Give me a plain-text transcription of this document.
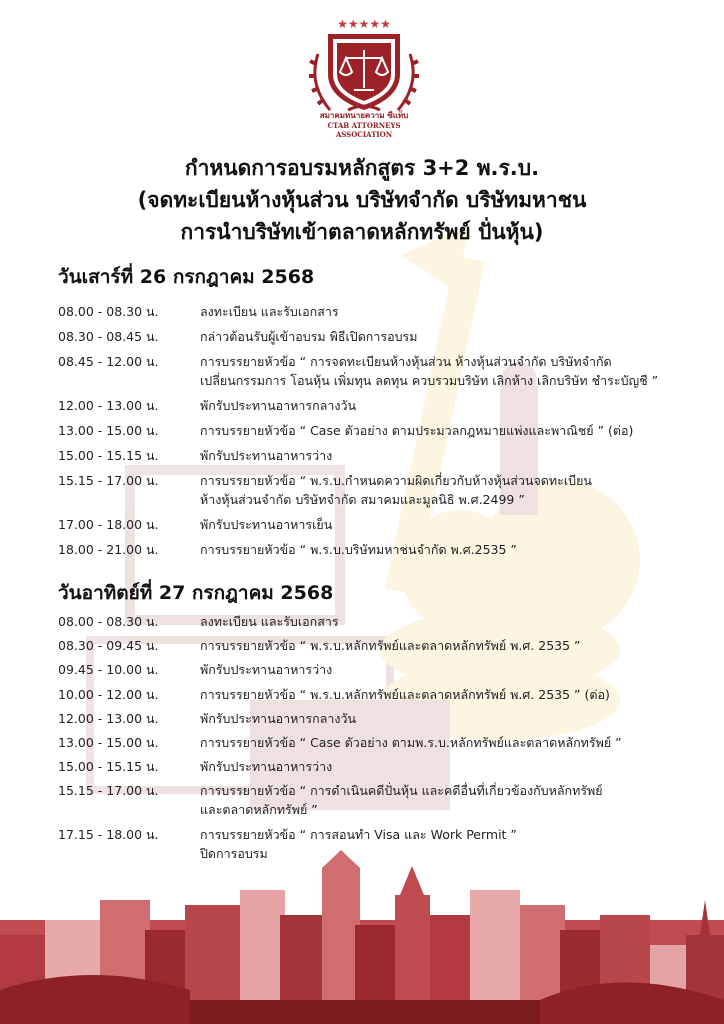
★★★★★
สมาคมทนายความ ซีแท็บ
CTAB ATTORNEYS ASSOCIATION
กำหนดการอบรมหลักสูตร 3+2 พ.ร.บ.
(จดทะเบียนห้างหุ้นส่วน บริษัทจำกัด บริษัทมหาชน
การนำบริษัทเข้าตลาดหลักทรัพย์ ปั่นหุ้น)
วันเสาร์ที่ 26 กรกฎาคม 2568
08.00 - 08.30 น.	ลงทะเบียน และรับเอกสาร
08.30 - 08.45 น.	กล่าวต้อนรับผู้เข้าอบรม พิธีเปิดการอบรม
08.45 - 12.00 น.	การบรรยายหัวข้อ “ การจดทะเบียนห้างหุ้นส่วน ห้างหุ้นส่วนจำกัด บริษัทจำกัด
เปลี่ยนกรรมการ โอนหุ้น เพิ่มทุน ลดทุน ควบรวมบริษัท เลิกห้าง เลิกบริษัท ชำระบัญชี ”
12.00 - 13.00 น.	พักรับประทานอาหารกลางวัน
13.00 - 15.00 น.	การบรรยายหัวข้อ “ Case ตัวอย่าง ตามประมวลกฎหมายแพ่งและพาณิชย์ ” (ต่อ)
15.00 - 15.15 น.	พักรับประทานอาหารว่าง
15.15 - 17.00 น.	การบรรยายหัวข้อ “ พ.ร.บ.กำหนดความผิดเกี่ยวกับห้างหุ้นส่วนจดทะเบียน
ห้างหุ้นส่วนจำกัด บริษัทจำกัด สมาคมและมูลนิธิ พ.ศ.2499 ”
17.00 - 18.00 น.	พักรับประทานอาหารเย็น
18.00 - 21.00 น.	การบรรยายหัวข้อ “ พ.ร.บ.บริษัทมหาชนจำกัด พ.ศ.2535 ”
วันอาทิตย์ที่ 27 กรกฎาคม 2568
08.00 - 08.30 น.	ลงทะเบียน และรับเอกสาร
08.30 - 09.45 น.	การบรรยายหัวข้อ “ พ.ร.บ.หลักทรัพย์และตลาดหลักทรัพย์ พ.ศ. 2535 ”
09.45 - 10.00 น.	พักรับประทานอาหารว่าง
10.00 - 12.00 น.	การบรรยายหัวข้อ “ พ.ร.บ.หลักทรัพย์และตลาดหลักทรัพย์ พ.ศ. 2535 ” (ต่อ)
12.00 - 13.00 น.	พักรับประทานอาหารกลางวัน
13.00 - 15.00 น.	การบรรยายหัวข้อ “ Case ตัวอย่าง ตามพ.ร.บ.หลักทรัพย์และตลาดหลักทรัพย์ ”
15.00 - 15.15 น.	พักรับประทานอาหารว่าง
15.15 - 17.00 น.	การบรรยายหัวข้อ “ การดำเนินคดีปั่นหุ้น และคดีอื่นที่เกี่ยวข้องกับหลักทรัพย์
และตลาดหลักทรัพย์ ”
17.15 - 18.00 น.	การบรรยายหัวข้อ “ การสอนทำ Visa และ Work Permit ”
ปิดการอบรม
